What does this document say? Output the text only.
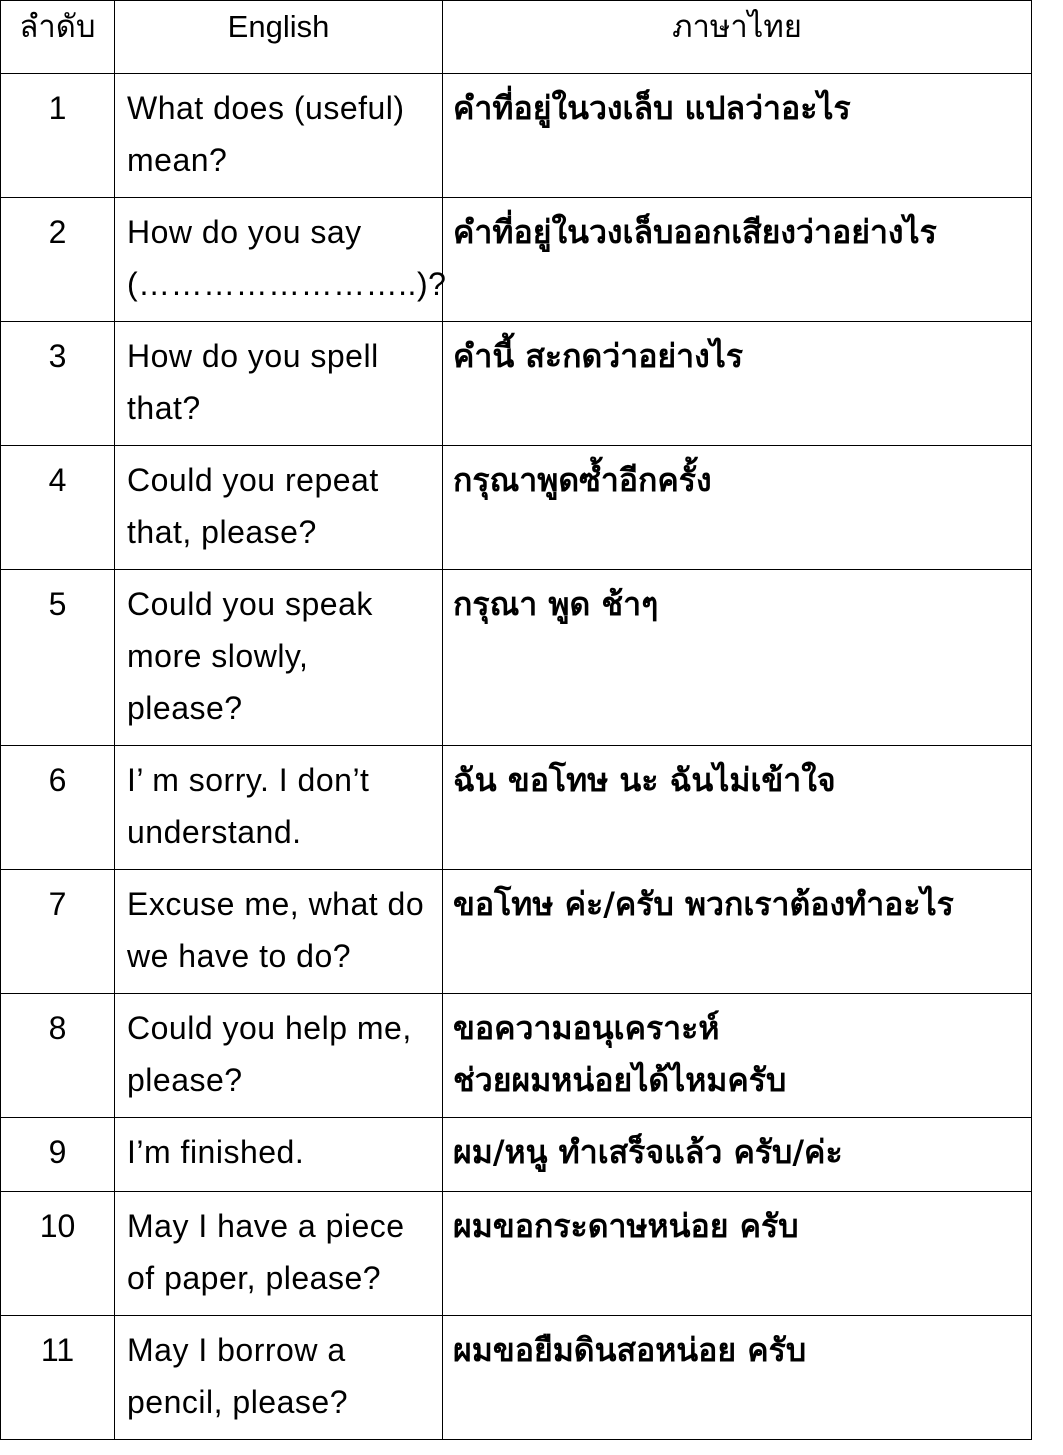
ลำดับ	English	ภาษาไทย
1	What does (useful) mean?	คำที่อยู่ในวงเล็บ แปลว่าอะไร

2	How do you say (……………………..)?	คำที่อยู่ในวงเล็บออกเสียงว่าอย่างไร

3	How do you spell that?	คำนี้ สะกดว่าอย่างไร

4	Could you repeat that, please?	กรุณาพูดซ้ำอีกครั้ง

5	Could you speak more slowly, please?	กรุณา พูด ช้าๆ

6	I’ m sorry. I don’t understand.	ฉัน ขอโทษ นะ ฉันไม่เข้าใจ

7	Excuse me, what do we have to do?	ขอโทษ ค่ะ/ครับ พวกเราต้องทำอะไร

8	Could you help me, please?	ขอความอนุเคราะห์
ช่วยผมหน่อยได้ไหมครับ

9	I’m finished.	ผม/หนู ทำเสร็จแล้ว ครับ/ค่ะ

10	May I have a piece of paper, please?	ผมขอกระดาษหน่อย ครับ

11	May I borrow a pencil, please?	ผมขอยืมดินสอหน่อย ครับ
